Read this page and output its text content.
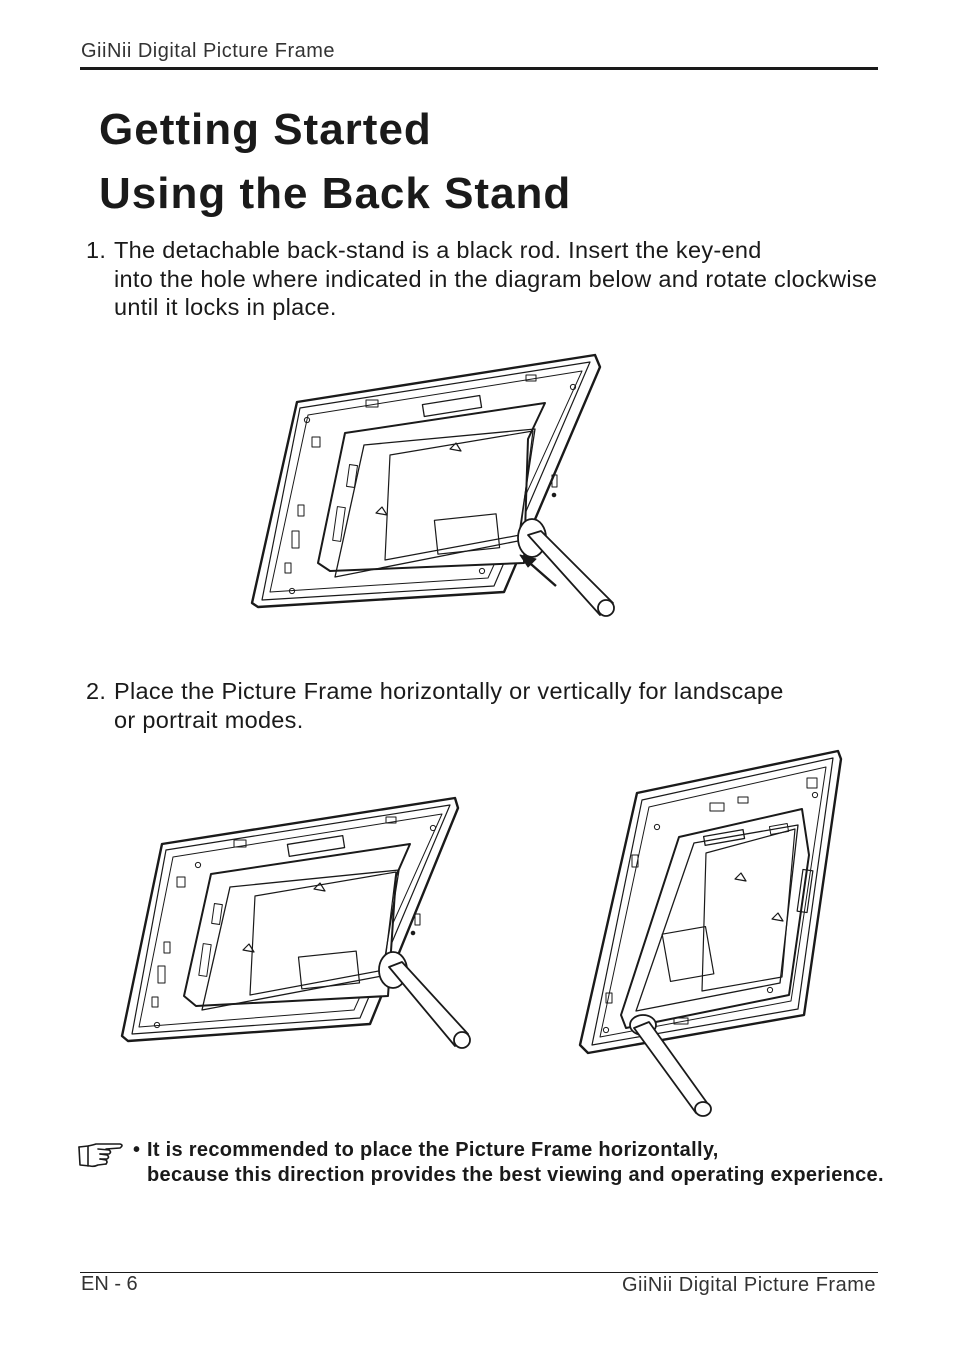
GiiNii Digital Picture Frame
Getting Started
Using the Back Stand
1. The detachable back-stand is a black rod. Insert the key-end
into the hole where indicated in the diagram below and rotate clockwise until it locks in place.
2. Place the Picture Frame horizontally or vertically for landscape
or portrait modes.
• It is recommended to place the Picture Frame horizontally,
because this direction provides the best viewing and operating experience.
EN - 6	GiiNii Digital Picture Frame
